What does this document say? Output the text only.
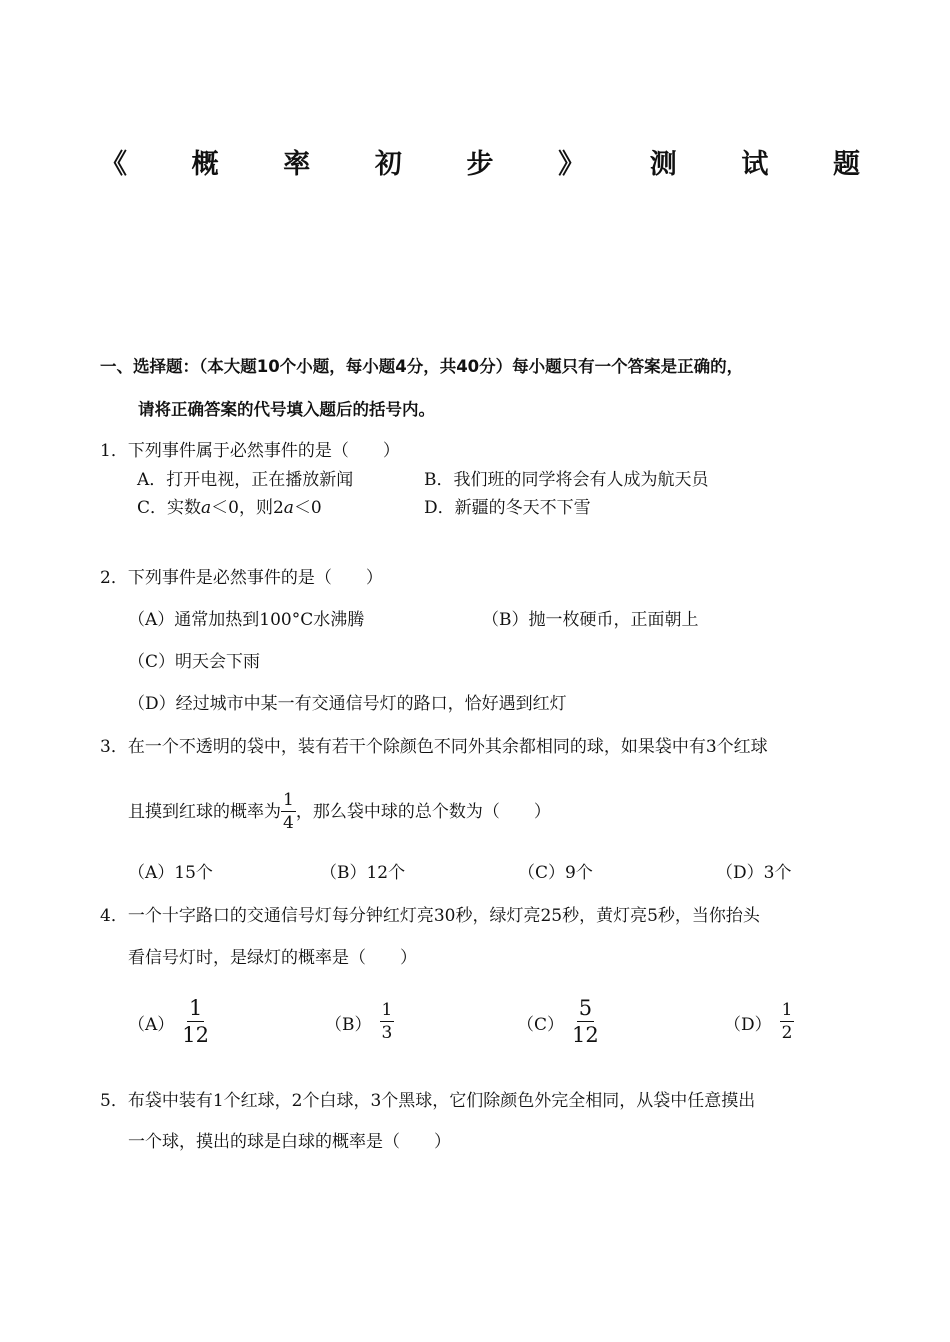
《 概 率 初 步 》 测 试 题
一、选择题：（本大题10个小题，每小题4分，共40分）每小题只有一个答案是正确的，
请将正确答案的代号填入题后的括号内。
1．下列事件属于必然事件的是（　　）
A．打开电视，正在播放新闻	B．我们班的同学将会有人成为航天员
C．实数a＜0，则2a＜0	D．新疆的冬天不下雪
2．下列事件是必然事件的是（　　）
（A）通常加热到100°C水沸腾	（B）抛一枚硬币，正面朝上
（C）明天会下雨
（D）经过城市中某一有交通信号灯的路口，恰好遇到红灯
3．在一个不透明的袋中，装有若干个除颜色不同外其余都相同的球，如果袋中有3个红球
且摸到红球的概率为 $\frac{1}{4}$ ，那么袋中球的总个数为（　　）
（A）15个	（B）12个	（C）9个	（D）3个
4．一个十字路口的交通信号灯每分钟红灯亮30秒，绿灯亮25秒，黄灯亮5秒，当你抬头
看信号灯时，是绿灯的概率是（　　）
$(A) \frac{1}{12}$	$(B) \frac{1}{3}$	$(C) \frac{5}{12}$	$(D) \frac{1}{2}$
5．布袋中装有1个红球，2个白球，3个黑球，它们除颜色外完全相同，从袋中任意摸出
一个球，摸出的球是白球的概率是（　　）
